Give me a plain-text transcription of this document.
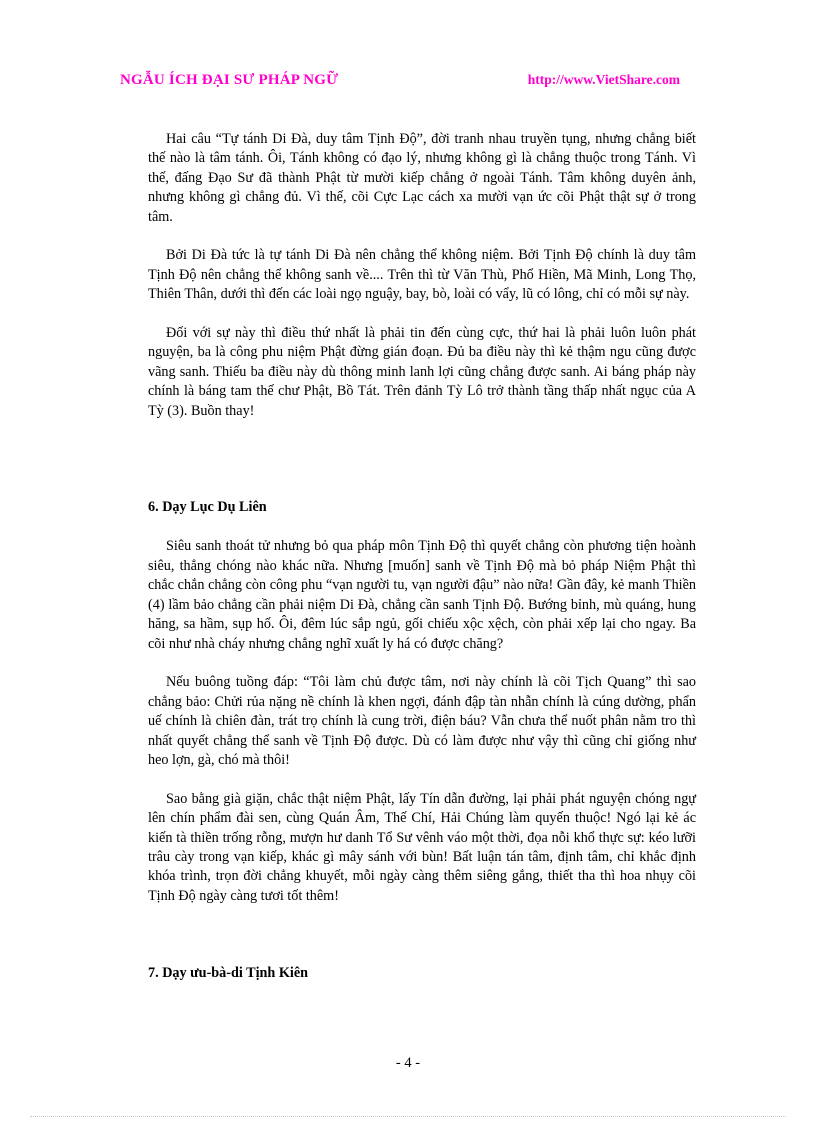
NGẪU ÍCH ĐẠI SƯ PHÁP NGỮ	http://www.VietShare.com

Hai câu “Tự tánh Di Đà, duy tâm Tịnh Độ”, đời tranh nhau truyền tụng, nhưng chẳng biết thế nào là tâm tánh. Ôi, Tánh không có đạo lý, nhưng không gì là chẳng thuộc trong Tánh. Vì thế, đấng Đạo Sư đã thành Phật từ mười kiếp chẳng ở ngoài Tánh. Tâm không duyên ảnh, nhưng không gì chẳng đủ. Vì thế, cõi Cực Lạc cách xa mười vạn ức cõi Phật thật sự ở trong tâm.

Bởi Di Đà tức là tự tánh Di Đà nên chẳng thể không niệm. Bởi Tịnh Độ chính là duy tâm Tịnh Độ nên chẳng thể không sanh về.... Trên thì từ Văn Thù, Phổ Hiền, Mã Minh, Long Thọ, Thiên Thân, dưới thì đến các loài ngọ nguậy, bay, bò, loài có vẩy, lũ có lông, chỉ có mỗi sự này.

Đối với sự này thì điều thứ nhất là phải tin đến cùng cực, thứ hai là phải luôn luôn phát nguyện, ba là công phu niệm Phật đừng gián đoạn. Đủ ba điều này thì kẻ thậm ngu cũng được vãng sanh. Thiếu ba điều này dù thông minh lanh lợi cũng chẳng được sanh. Ai báng pháp này chính là báng tam thế chư Phật, Bồ Tát. Trên đảnh Tỳ Lô trở thành tầng thấp nhất ngục của A Tỳ (3). Buồn thay!

6. Dạy Lục Dụ Liên

Siêu sanh thoát tử nhưng bỏ qua pháp môn Tịnh Độ thì quyết chẳng còn phương tiện hoành siêu, thẳng chóng nào khác nữa. Nhưng [muốn] sanh về Tịnh Độ mà bỏ pháp Niệm Phật thì chắc chắn chẳng còn công phu “vạn người tu, vạn người đậu” nào nữa! Gần đây, kẻ manh Thiền (4) lầm bảo chẳng cần phải niệm Di Đà, chẳng cần sanh Tịnh Độ. Bướng bỉnh, mù quáng, hung hăng, sa hầm, sụp hố. Ôi, đêm lúc sắp ngủ, gối chiếu xộc xệch, còn phải xếp lại cho ngay. Ba cõi như nhà cháy nhưng chẳng nghĩ xuất ly há có được chăng?

Nếu buông tuồng đáp: “Tôi làm chủ được tâm, nơi này chính là cõi Tịch Quang” thì sao chẳng bảo: Chửi rủa nặng nề chính là khen ngợi, đánh đập tàn nhẫn chính là cúng dường, phẩn uế chính là chiên đàn, trát trọ chính là cung trời, điện báu? Vẫn chưa thể nuốt phân nằm tro thì nhất quyết chẳng thể sanh về Tịnh Độ được. Dù có làm được như vậy thì cũng chỉ giống như heo lợn, gà, chó mà thôi!

Sao bằng già giặn, chắc thật niệm Phật, lấy Tín dẫn đường, lại phải phát nguyện chóng ngự lên chín phẩm đài sen, cùng Quán Âm, Thế Chí, Hải Chúng làm quyến thuộc! Ngó lại kẻ ác kiến tà thiền trống rỗng, mượn hư danh Tổ Sư vênh váo một thời, đọa nỗi khổ thực sự: kéo lưỡi trâu cày trong vạn kiếp, khác gì mây sánh với bùn! Bất luận tán tâm, định tâm, chỉ khắc định khóa trình, trọn đời chẳng khuyết, mỗi ngày càng thêm siêng gắng, thiết tha thì hoa nhụy cõi Tịnh Độ ngày càng tươi tốt thêm!

7. Dạy ưu-bà-di Tịnh Kiên

- 4 -
